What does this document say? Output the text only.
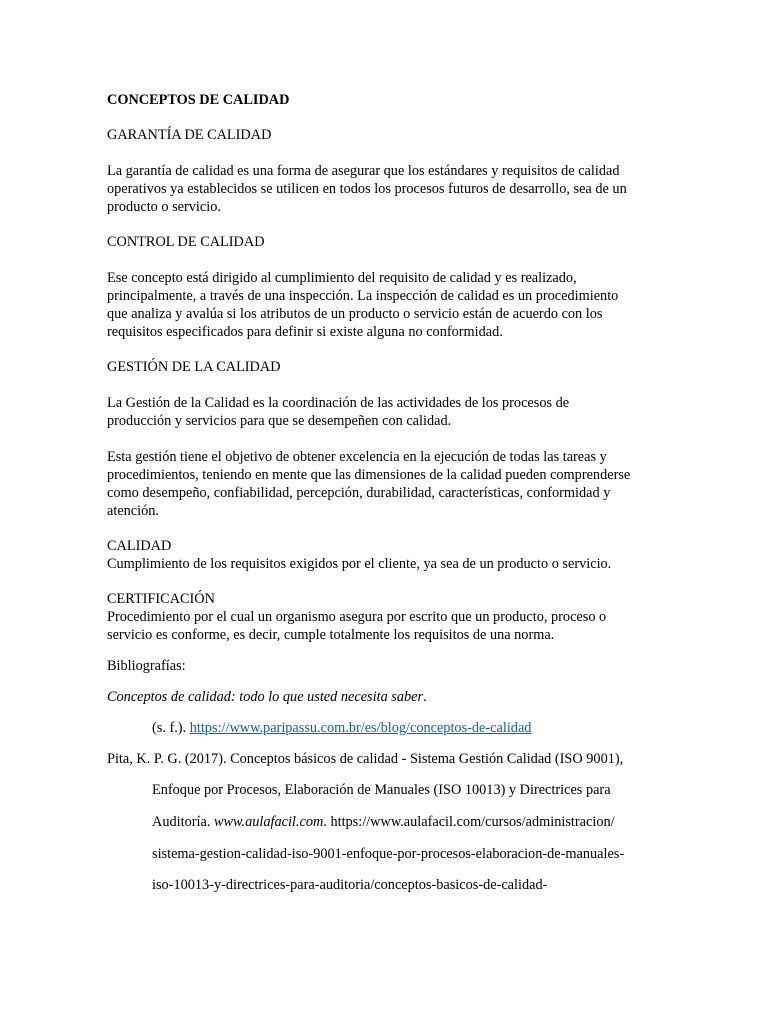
CONCEPTOS DE CALIDAD

GARANTÍA DE CALIDAD

La garantía de calidad es una forma de asegurar que los estándares y requisitos de calidad

operativos ya establecidos se utilicen en todos los procesos futuros de desarrollo, sea de un

producto o servicio.

CONTROL DE CALIDAD

Ese concepto está dirigido al cumplimiento del requisito de calidad y es realizado,

principalmente, a través de una inspección. La inspección de calidad es un procedimiento

que analiza y avalúa si los atributos de un producto o servicio están de acuerdo con los

requisitos especificados para definir si existe alguna no conformidad.

GESTIÓN DE LA CALIDAD

La Gestión de la Calidad es la coordinación de las actividades de los procesos de

producción y servicios para que se desempeñen con calidad.

Esta gestión tiene el objetivo de obtener excelencia en la ejecución de todas las tareas y

procedimientos, teniendo en mente que las dimensiones de la calidad pueden comprenderse

como desempeño, confiabilidad, percepción, durabilidad, características, conformidad y

atención.

CALIDAD

Cumplimiento de los requisitos exigidos por el cliente, ya sea de un producto o servicio.

CERTIFICACIÓN

Procedimiento por el cual un organismo asegura por escrito que un producto, proceso o

servicio es conforme, es decir, cumple totalmente los requisitos de una norma.

Bibliografías:

Conceptos de calidad: todo lo que usted necesita saber.

(s. f.). https://www.paripassu.com.br/es/blog/conceptos-de-calidad

Pita, K. P. G. (2017). Conceptos básicos de calidad - Sistema Gestión Calidad (ISO 9001),

Enfoque por Procesos, Elaboración de Manuales (ISO 10013) y Directrices para

Auditoría. www.aulafacil.com. https://www.aulafacil.com/cursos/administracion/

sistema-gestion-calidad-iso-9001-enfoque-por-procesos-elaboracion-de-manuales-

iso-10013-y-directrices-para-auditoria/conceptos-basicos-de-calidad-
